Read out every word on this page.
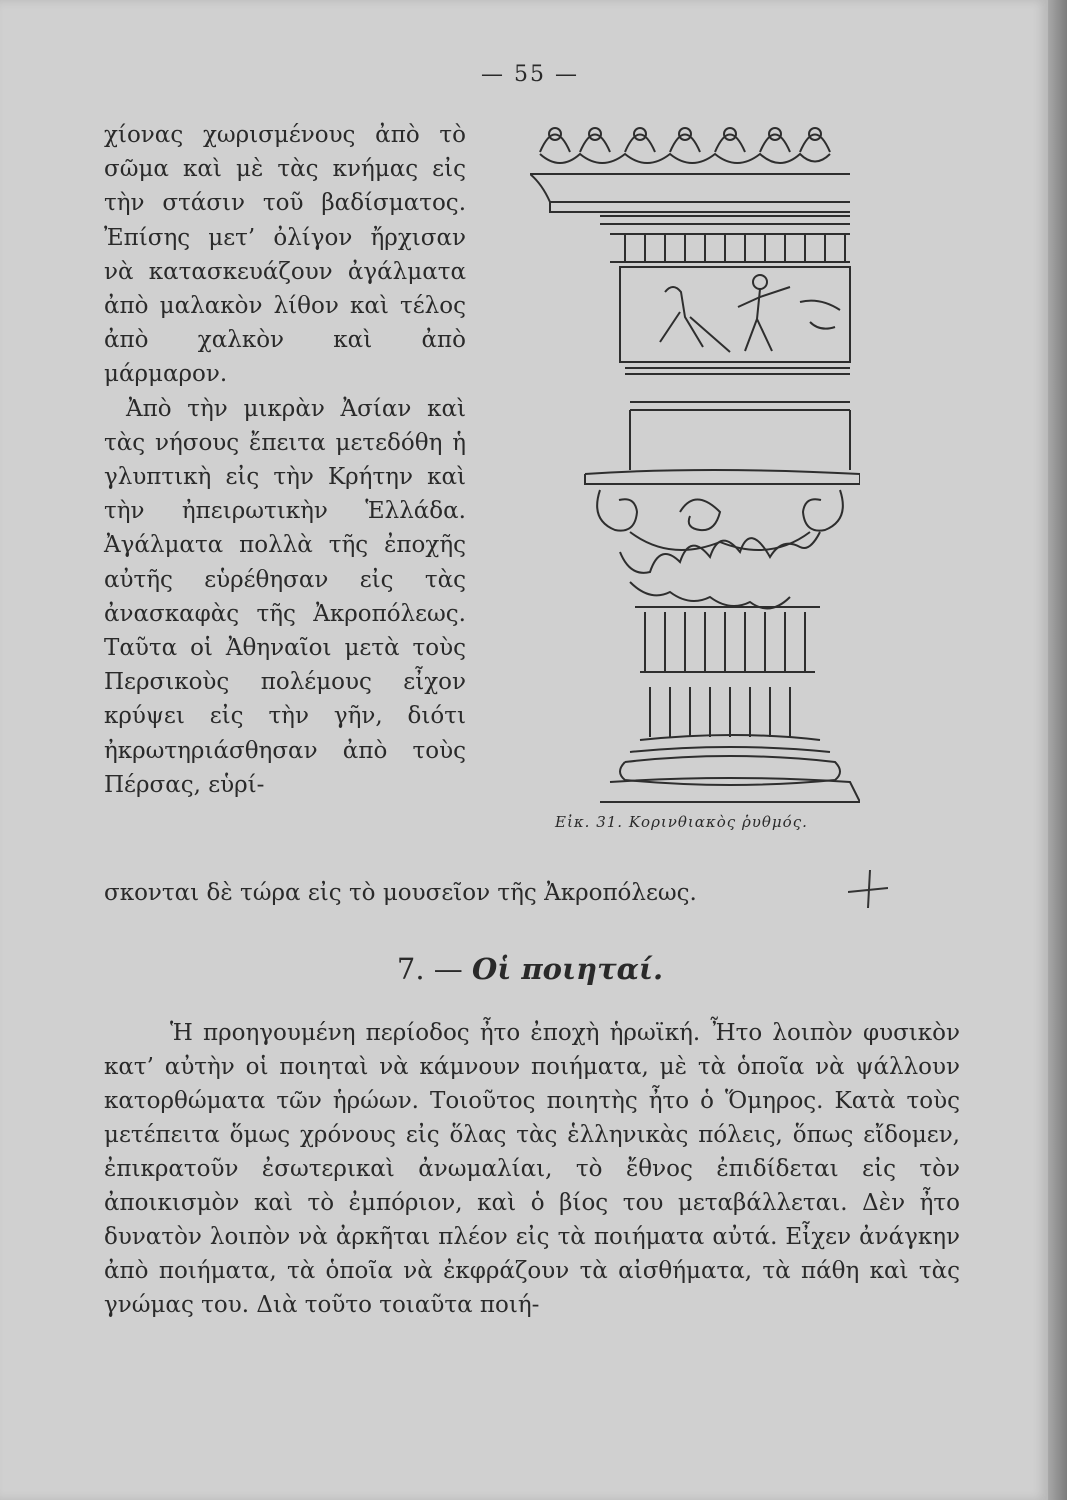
— 55 —

χίονας χωρισμένους ἀπὸ τὸ σῶμα καὶ μὲ τὰς κνήμας εἰς τὴν στάσιν τοῦ βαδίσματος. Ἐπίσης μετ’ ὀλίγον ἤρχισαν νὰ κατασκευάζουν ἀγάλματα ἀπὸ μαλακὸν λίθον καὶ τέλος ἀπὸ χαλκὸν καὶ ἀπὸ μάρμαρον.

Ἀπὸ τὴν μικρὰν Ἀσίαν καὶ τὰς νήσους ἔπειτα μετεδόθη ἡ γλυπτικὴ εἰς τὴν Κρήτην καὶ τὴν ἠπειρωτικὴν Ἑλλάδα. Ἀγάλματα πολλὰ τῆς ἐποχῆς αὐτῆς εὑρέθησαν εἰς τὰς ἀνασκαφὰς τῆς Ἀκροπόλεως. Ταῦτα οἱ Ἀθηναῖοι μετὰ τοὺς Περσικοὺς πολέμους εἶχον κρύψει εἰς τὴν γῆν, διότι ἠκρωτηριάσθησαν ἀπὸ τοὺς Πέρσας, εὑρί-

Εἰκ. 31. Κορινθιακὸς ῥυθμός.
σκονται δὲ τώρα εἰς τὸ μουσεῖον τῆς Ἀκροπόλεως.
7. — Οἱ ποιηταί.

Ἡ προηγουμένη περίοδος ἦτο ἐποχὴ ἡρωϊκή. Ἦτο λοιπὸν φυσικὸν κατ’ αὐτὴν οἱ ποιηταὶ νὰ κάμνουν ποιήματα, μὲ τὰ ὁποῖα νὰ ψάλλουν κατορθώματα τῶν ἡρώων. Τοιοῦτος ποιητὴς ἦτο ὁ Ὅμηρος. Κατὰ τοὺς μετέπειτα ὅμως χρόνους εἰς ὅλας τὰς ἑλληνικὰς πόλεις, ὅπως εἴδομεν, ἐπικρατοῦν ἐσωτερικαὶ ἀνωμαλίαι, τὸ ἔθνος ἐπιδίδεται εἰς τὸν ἀποικισμὸν καὶ τὸ ἐμπόριον, καὶ ὁ βίος του μεταβάλλεται. Δὲν ἦτο δυνατὸν λοιπὸν νὰ ἀρκῆται πλέον εἰς τὰ ποιήματα αὐτά. Εἶχεν ἀνάγκην ἀπὸ ποιήματα, τὰ ὁποῖα νὰ ἐκφράζουν τὰ αἰσθήματα, τὰ πάθη καὶ τὰς γνώμας του. Διὰ τοῦτο τοιαῦτα ποιή-
